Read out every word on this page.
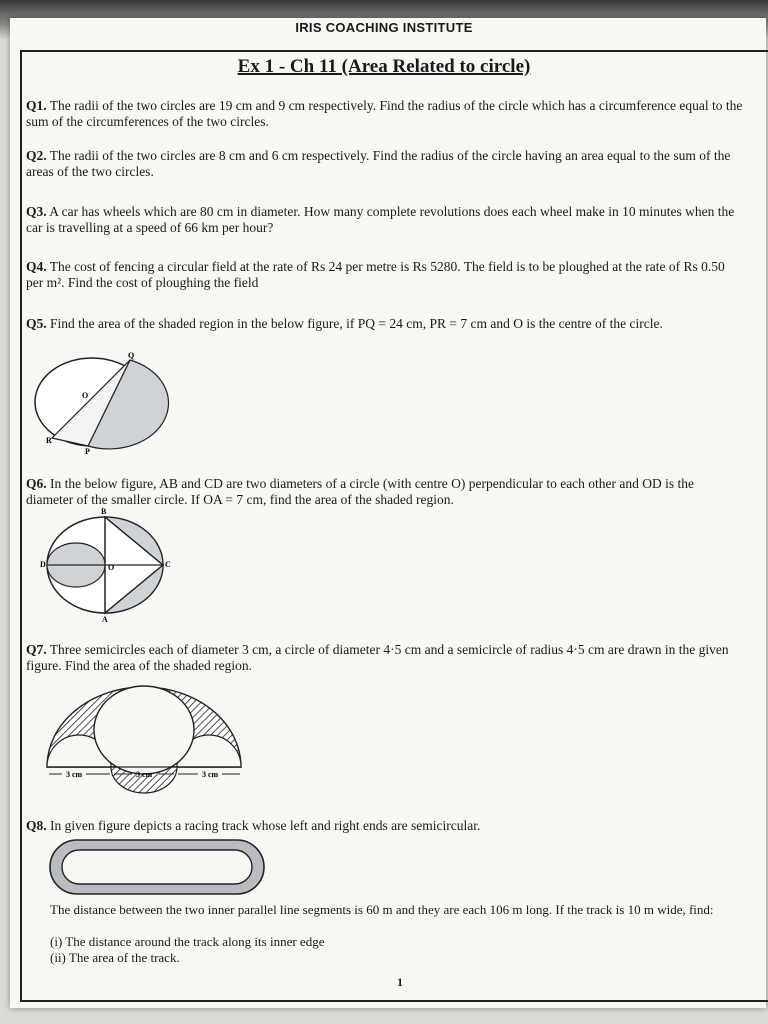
IRIS COACHING INSTITUTE
Ex 1 - Ch 11 (Area Related to circle)
Q1. The radii of the two circles are 19 cm and 9 cm respectively. Find the radius of the circle which has a circumference equal to the sum of the circumferences of the two circles.
Q2. The radii of the two circles are 8 cm and 6 cm respectively. Find the radius of the circle having an area equal to the sum of the areas of the two circles.
Q3. A car has wheels which are 80 cm in diameter. How many complete revolutions does each wheel make in 10 minutes when the car is travelling at a speed of 66 km per hour?
Q4. The cost of fencing a circular field at the rate of Rs 24 per metre is Rs 5280. The field is to be ploughed at the rate of Rs 0.50 per m². Find the cost of ploughing the field
Q5. Find the area of the shaded region in the below figure, if PQ = 24 cm, PR = 7 cm and O is the centre of the circle.
Q
O
R
P
Q6. In the below figure, AB and CD are two diameters of a circle (with centre O) perpendicular to each other and OD is the diameter of the smaller circle. If OA = 7 cm, find the area of the shaded region.
B
D	O	C
A
Q7. Three semicircles each of diameter 3 cm, a circle of diameter 4·5 cm and a semicircle of radius 4·5 cm are drawn in the given figure. Find the area of the shaded region.
3 cm	3 cm	3 cm
Q8. In given figure depicts a racing track whose left and right ends are semicircular.
The distance between the two inner parallel line segments is 60 m and they are each 106 m long. If the track is 10 m wide, find:
(i) The distance around the track along its inner edge
(ii) The area of the track.
1
